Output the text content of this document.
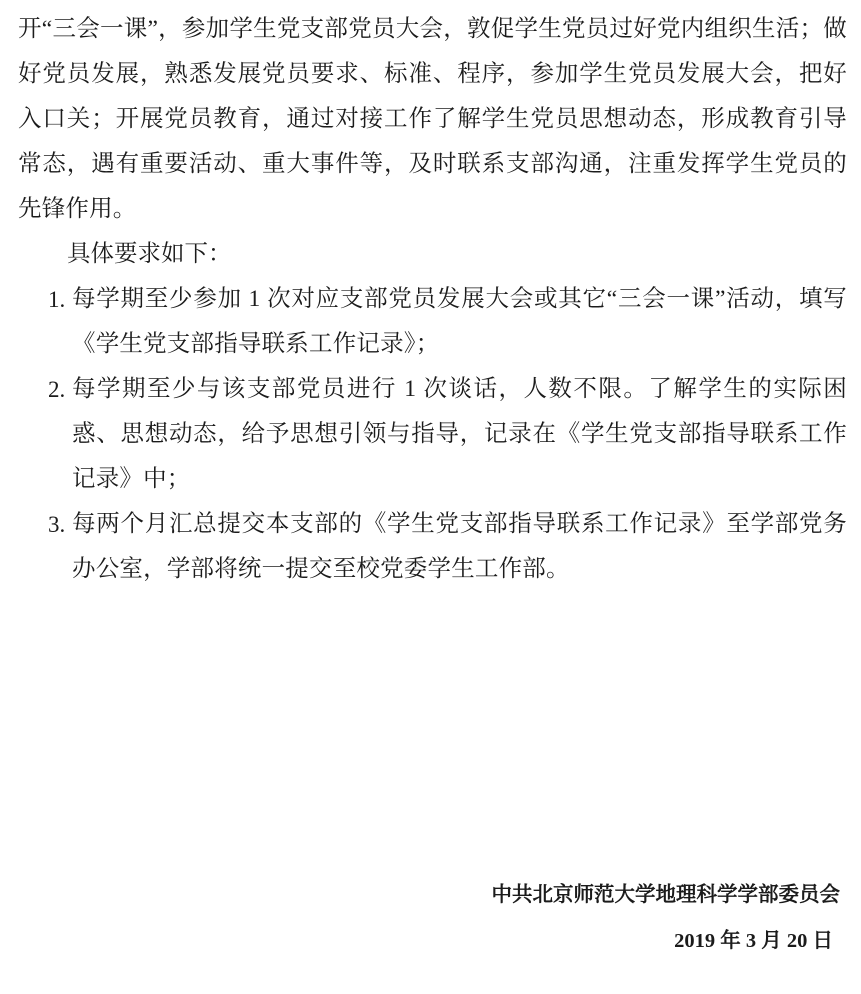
开“三会一课”，参加学生党支部党员大会，敦促学生党员过好党内组织生活；做好党员发展，熟悉发展党员要求、标准、程序，参加学生党员发展大会，把好入口关；开展党员教育，通过对接工作了解学生党员思想动态，形成教育引导常态，遇有重要活动、重大事件等，及时联系支部沟通，注重发挥学生党员的先锋作用。

具体要求如下：

1. 每学期至少参加 1 次对应支部党员发展大会或其它“三会一课”活动，填写《学生党支部指导联系工作记录》；
2. 每学期至少与该支部党员进行 1 次谈话，人数不限。了解学生的实际困惑、思想动态，给予思想引领与指导，记录在《学生党支部指导联系工作记录》中；
3. 每两个月汇总提交本支部的《学生党支部指导联系工作记录》至学部党务办公室，学部将统一提交至校党委学生工作部。
中共北京师范大学地理科学学部委员会
2019 年 3 月 20 日
